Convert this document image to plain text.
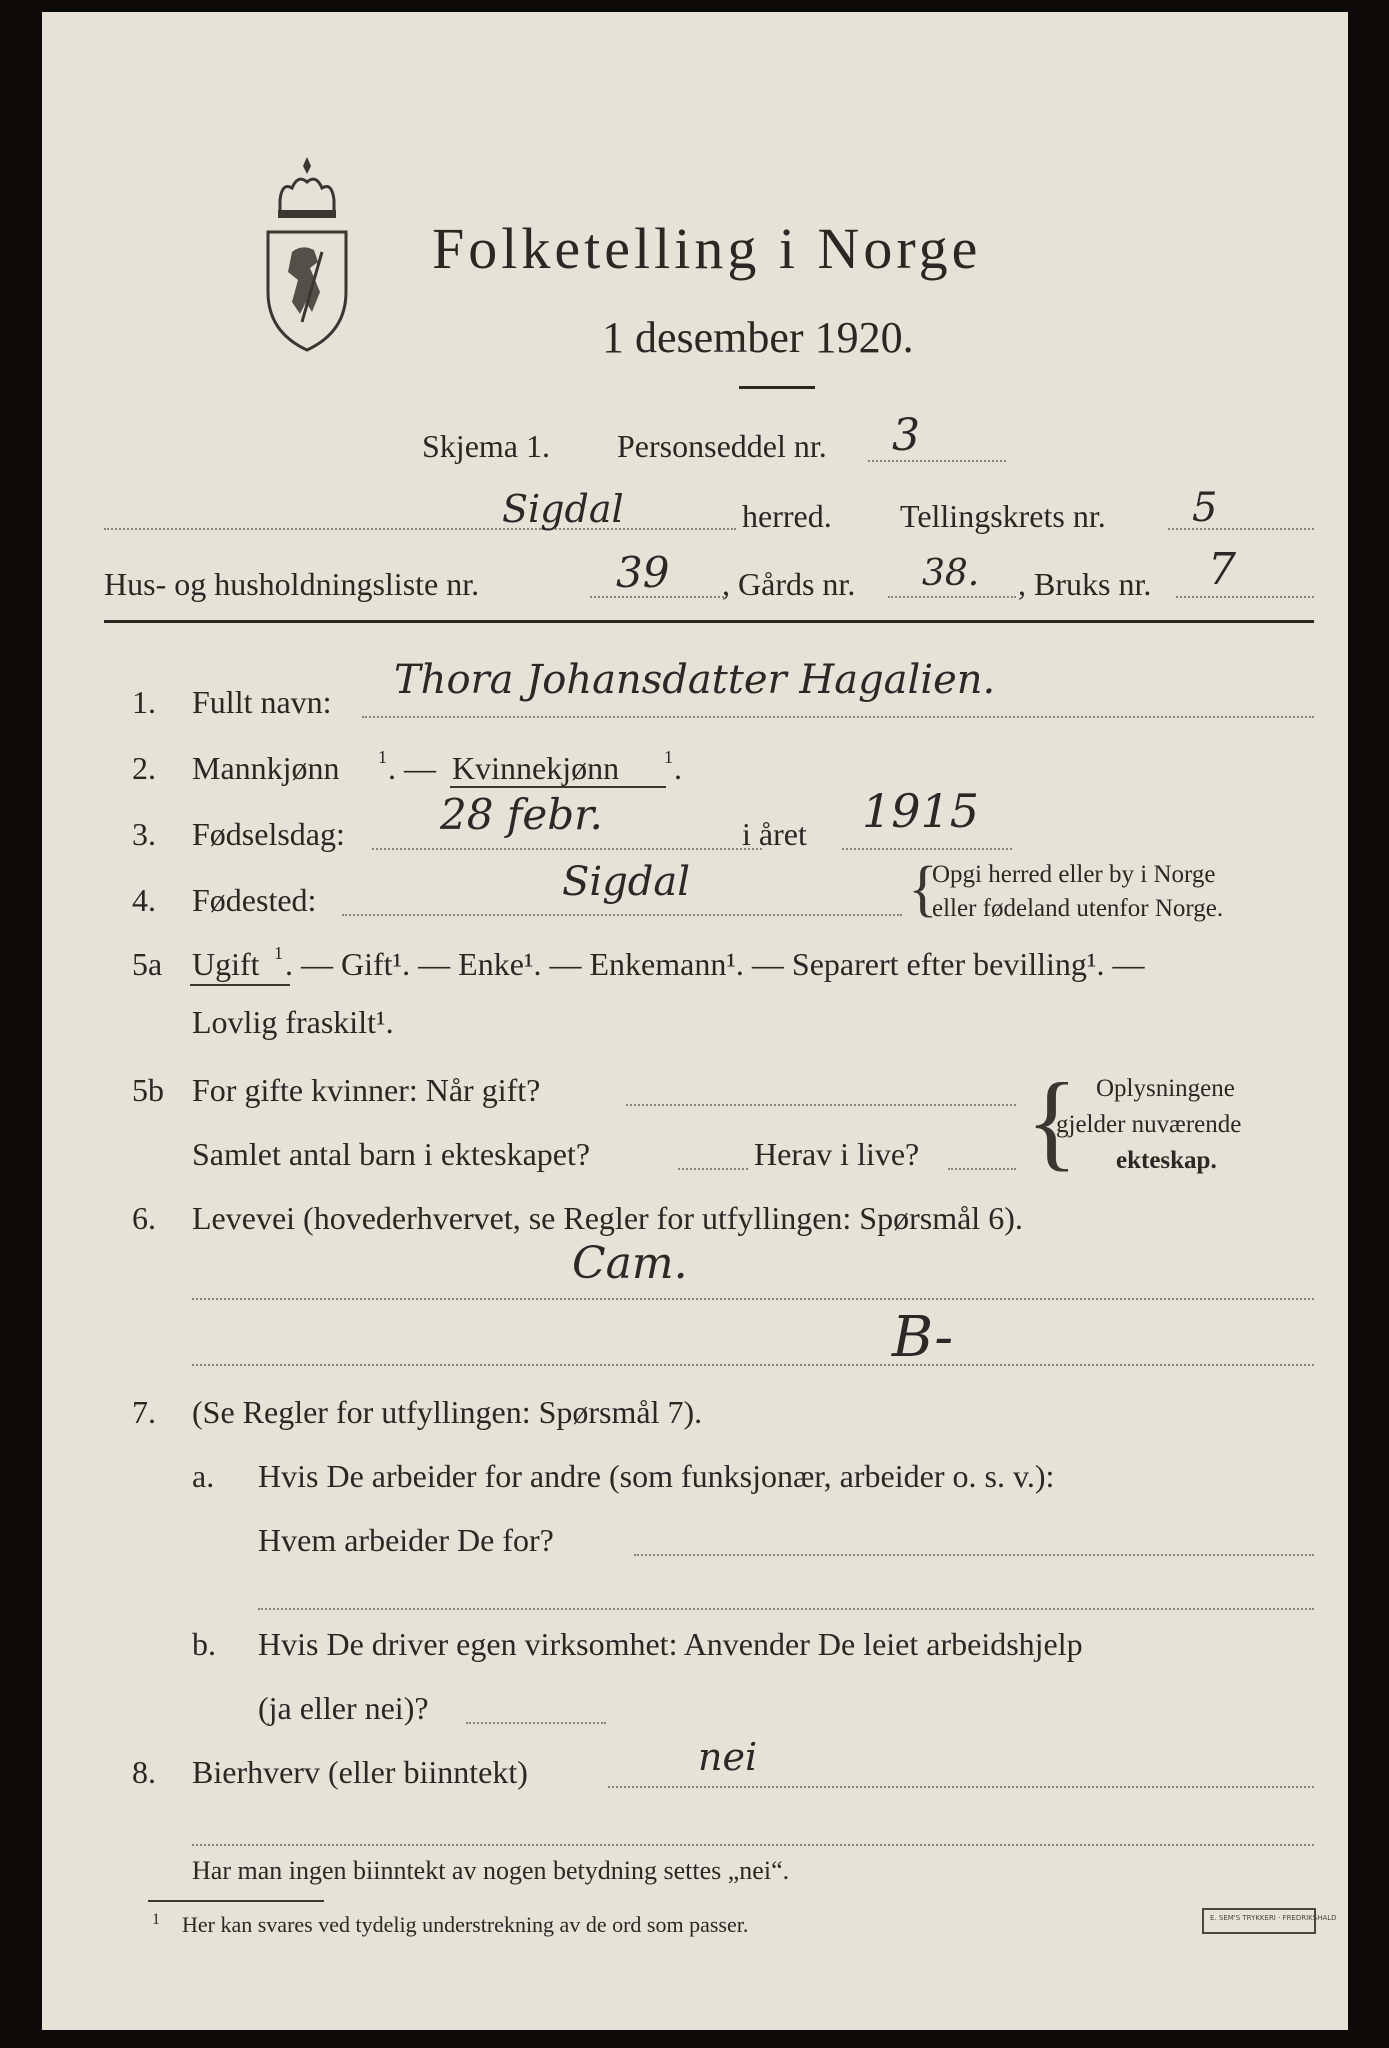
Folketelling i Norge
1 desember 1920.
Skjema 1. Personseddel nr. 3
Sigdal	herred. Tellingskrets nr. 5
Hus- og husholdningsliste nr.	39 , Gårds nr. 38. , Bruks nr. 7
1. Fullt navn: Thora Johansdatter Hagalien.
2. Mannkjønn 1 . — Kvinnekjønn 1 .
3. Fødselsdag: 28 febr.	i året 1915
4. Fødested:	Sigdal	{
Opgi herred eller by i Norge
eller fødeland utenfor Norge.
5a Ugift 1 . — Gift¹. — Enke¹. — Enkemann¹. — Separert efter bevilling¹. —
Lovlig fraskilt¹.
5b For gifte kvinner: Når gift?
Samlet antal barn i ekteskapet?	Herav i live? { Oplysningene
gjelder nuværende
ekteskap.
6. Levevei (hovederhvervet, se Regler for utfyllingen: Spørsmål 6).
Cam.
B-
7. (Se Regler for utfyllingen: Spørsmål 7).
a. Hvis De arbeider for andre (som funksjonær, arbeider o. s. v.):
Hvem arbeider De for?
b. Hvis De driver egen virksomhet: Anvender De leiet arbeidshjelp
(ja eller nei)?
8. Bierhverv (eller biinntekt)	nei
Har man ingen biinntekt av nogen betydning settes „nei“.
1 Her kan svares ved tydelig understrekning av de ord som passer.	E. SEM'S TRYKKERI · FREDRIKSHALD
